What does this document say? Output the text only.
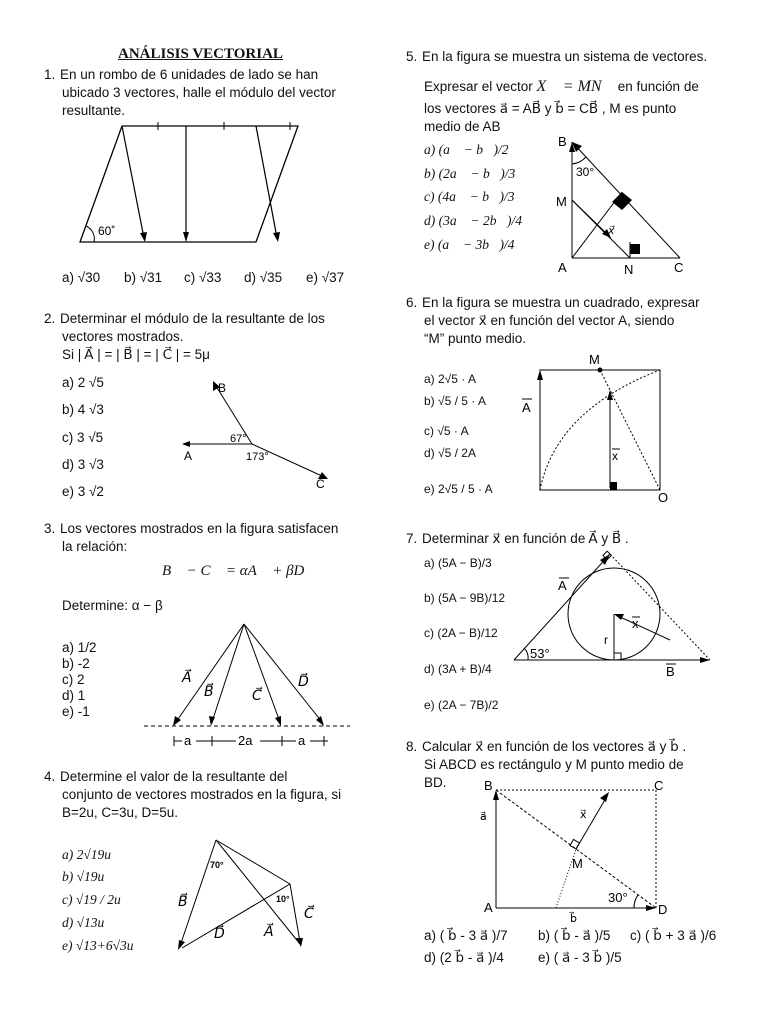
ANÁLISIS VECTORIAL
1. En un rombo de 6 unidades de lado se han
ubicado 3 vectores, halle el módulo del vector
resultante.
60˚
a) √30 b) √31 c) √33 d) √35 e) √37
2. Determinar el módulo de la resultante de los
vectores mostrados.
Si | A⃗ | = | B⃗ | = | C⃗ | = 5μ
a) 2 √5
b) 4 √3
c) 3 √5
d) 3 √3
e) 3 √2
B
A
C
67°
173°
3. Los vectores mostrados en la figura satisfacen
la relación:
B⃗ − C⃗ = αA⃗ + βD⃗
Determine: α − β
a) 1/2
b) -2
c) 2
d) 1
e) -1
A⃗
B⃗	C⃗
D⃗
a	2a	a
4. Determine el valor de la resultante del
conjunto de vectores mostrados en la figura, si
B=2u, C=3u, D=5u.
a) 2√19u
b) √19u
c) √19 / 2u
d) √13u
e) √13+6√3u
70°
10°
B⃗
D⃗	A⃗
C⃗
5. En la figura se muestra un sistema de vectores.
Expresar el vector X⃗ = MN⃗ en función de
los vectores a⃗ = AB⃗ y b⃗ = CB⃗ , M es punto
medio de AB
a) (a⃗ − b⃗)/2
b) (2a⃗ − b⃗)/3
c) (4a⃗ − b⃗)/3
d) (3a⃗ − 2b⃗)/4
e) (a⃗ − 3b⃗)/4
B
30°
M
x⃗
A	N	C
6. En la figura se muestra un cuadrado, expresar
el vector x⃗ en función del vector A, siendo
“M” punto medio.
a) 2√5 · A
b) √5 / 5 · A
c) √5 · A
d) √5 / 2A
e) 2√5 / 5 · A
M
A
x
O
7. Determinar x⃗ en función de A⃗ y B⃗ .
a) (5A − B)/3
b) (5A − 9B)/12
c) (2A − B)/12
d) (3A + B)/4
e) (2A − 7B)/2
53°
A
x
r
B
8. Calcular x⃗ en función de los vectores a⃗ y b⃗ .
Si ABCD es rectángulo y M punto medio de
BD.	B	C
A	D
M
30°
a⃗
b⃗
x⃗
a) ( b⃗ - 3 a⃗ )/7 b) ( b⃗ - a⃗ )/5 c) ( b⃗ + 3 a⃗ )/6
d) (2 b⃗ - a⃗ )/4	e) ( a⃗ - 3 b⃗ )/5
